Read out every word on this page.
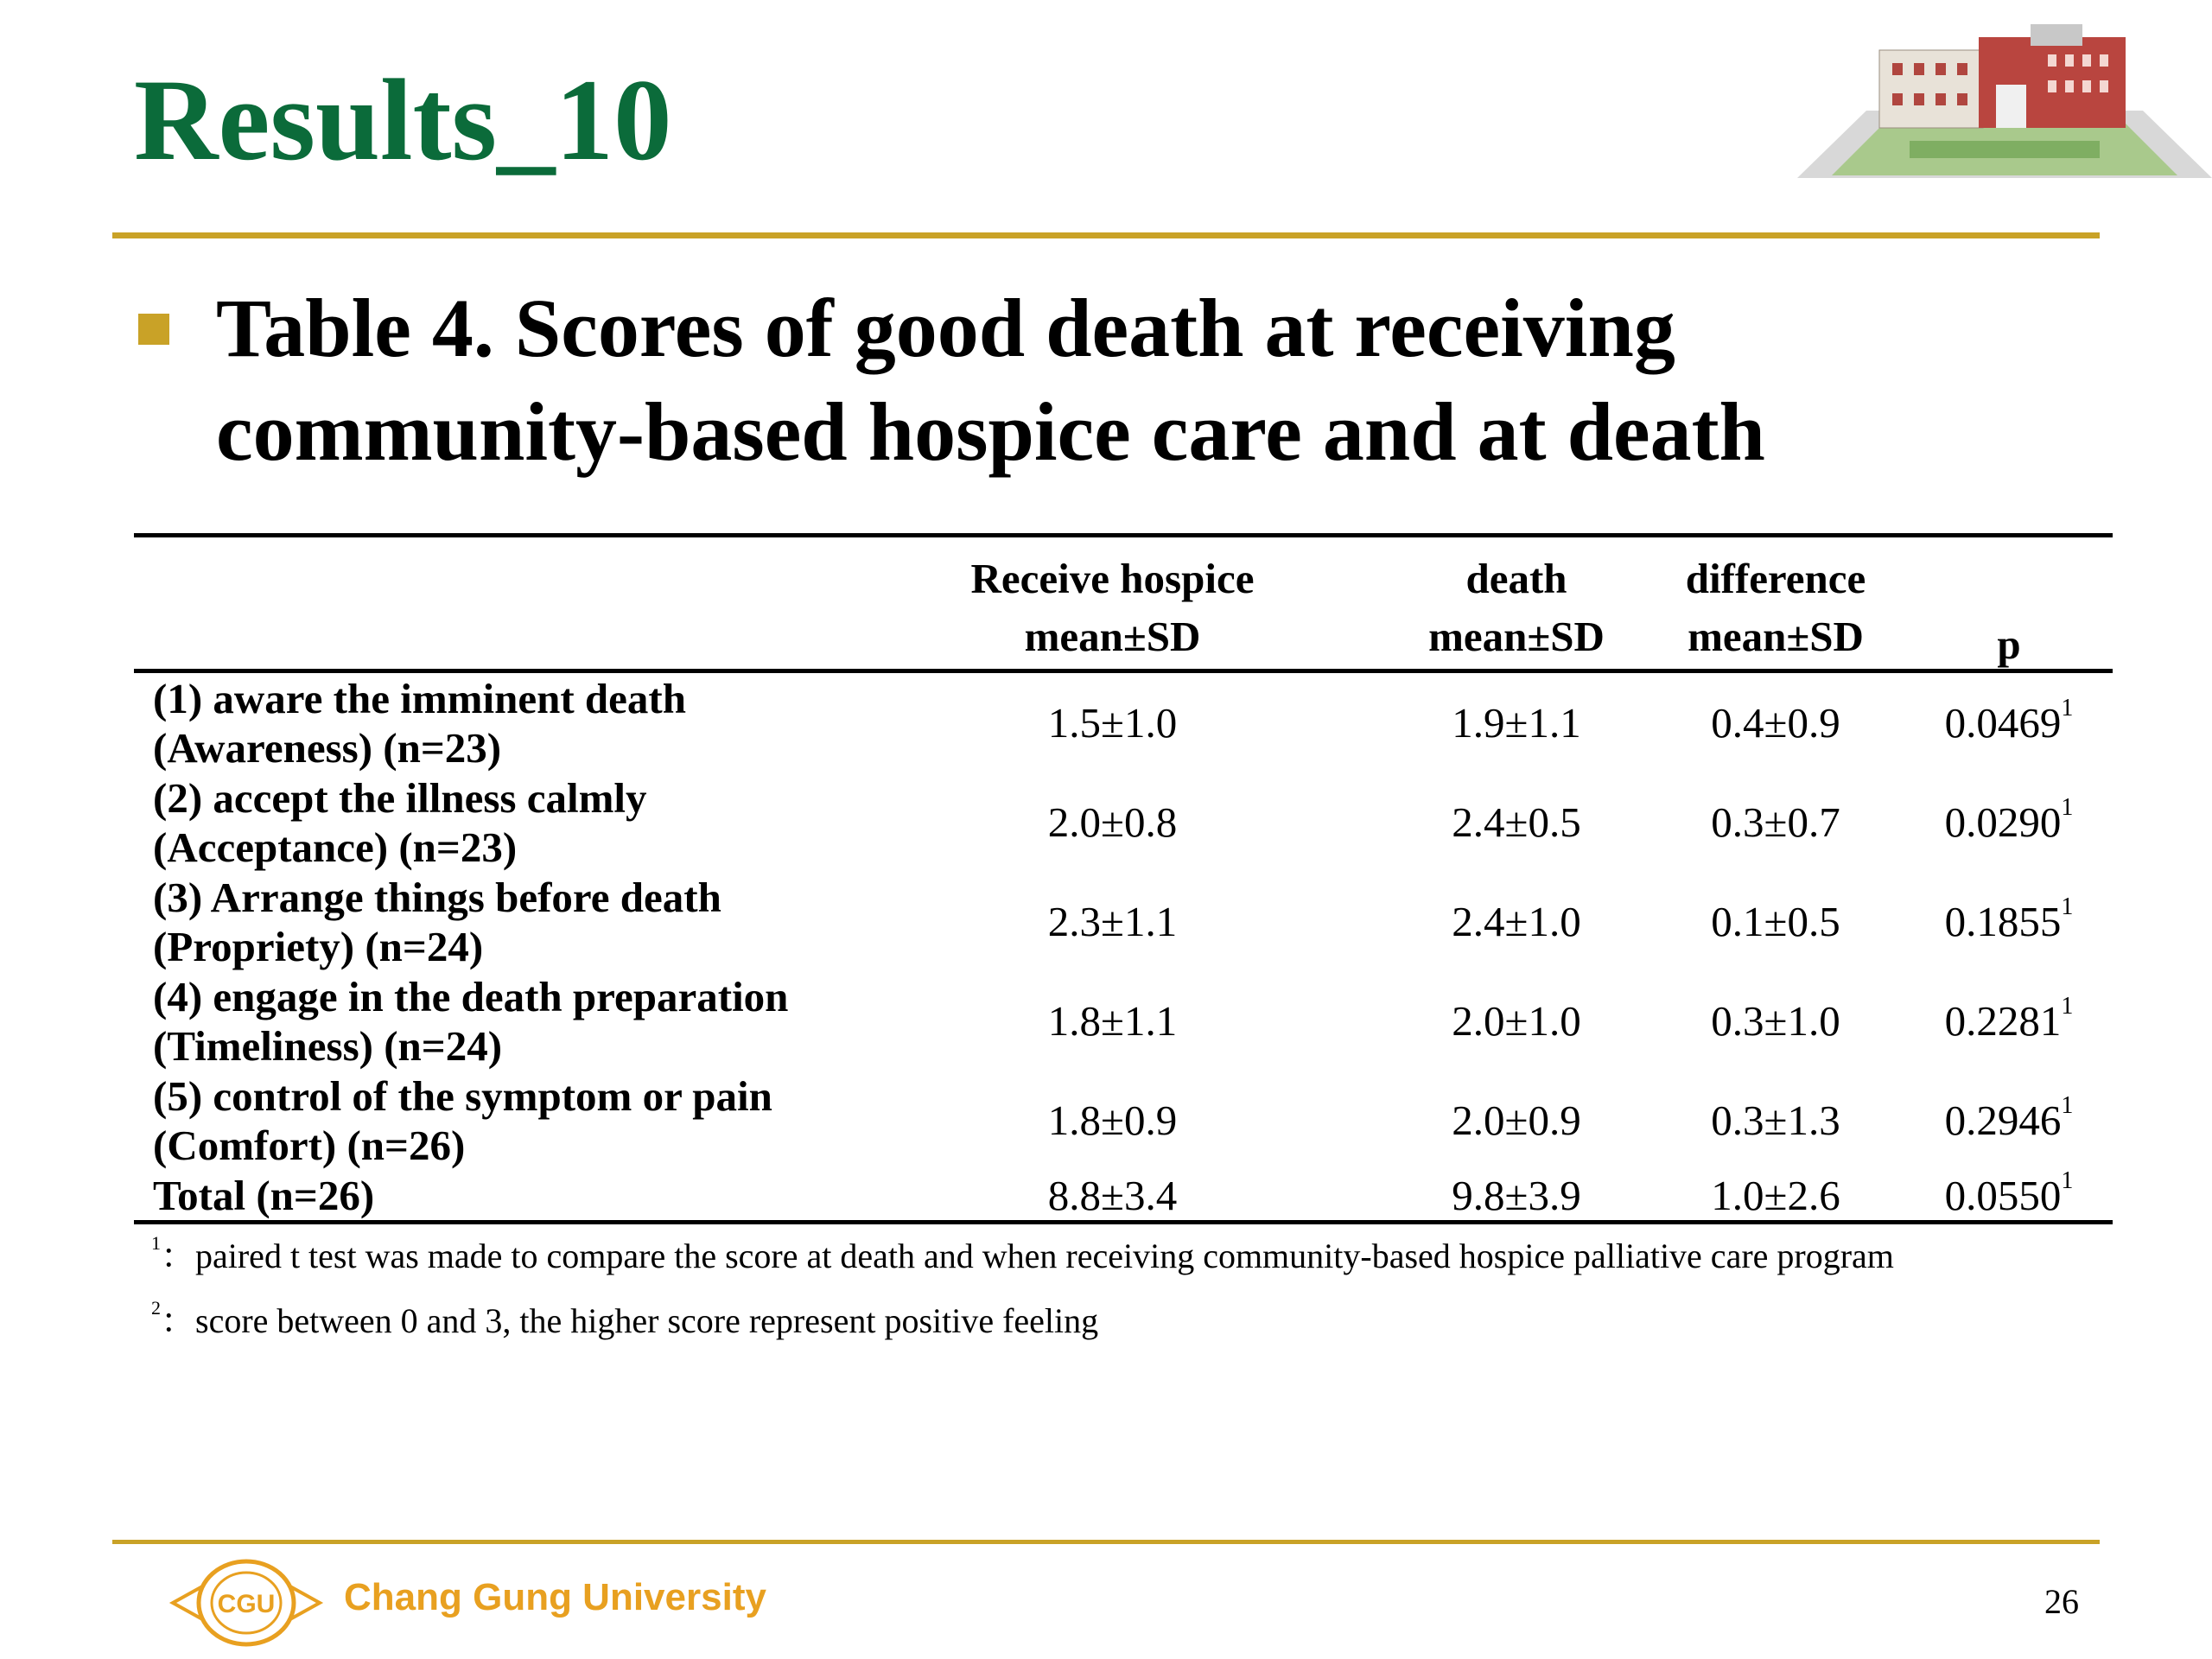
Results_10
Table 4. Scores of good death at receiving
community-based hospice care and at death
	Receive hospice	death	difference	p
	mean±SD	mean±SD	mean±SD	

(1) aware the imminent death
(Awareness) (n=23)	1.5±1.0	1.9±1.1	0.4±0.9	0.0469$^1$

(2) accept the illness calmly
(Acceptance) (n=23)	2.0±0.8	2.4±0.5	0.3±0.7	0.0290$^1$

(3) Arrange things before death
(Propriety) (n=24)	2.3±1.1	2.4±1.0	0.1±0.5	0.1855$^1$

(4) engage in the death preparation
(Timeliness) (n=24)	1.8±1.1	2.0±1.0	0.3±1.0	0.2281$^1$

(5) control of the symptom or pain
(Comfort) (n=26)	1.8±0.9	2.0±0.9	0.3±1.3	0.2946$^1$
Total (n=26)	8.8±3.4	9.8±3.9	1.0±2.6	0.0550$^1$
$^1$：paired t test was made to compare the score at death and when receiving community-based hospice palliative care program
$^2$：score between 0 and 3, the higher score represent positive feeling
CGU Chang Gung University	26
